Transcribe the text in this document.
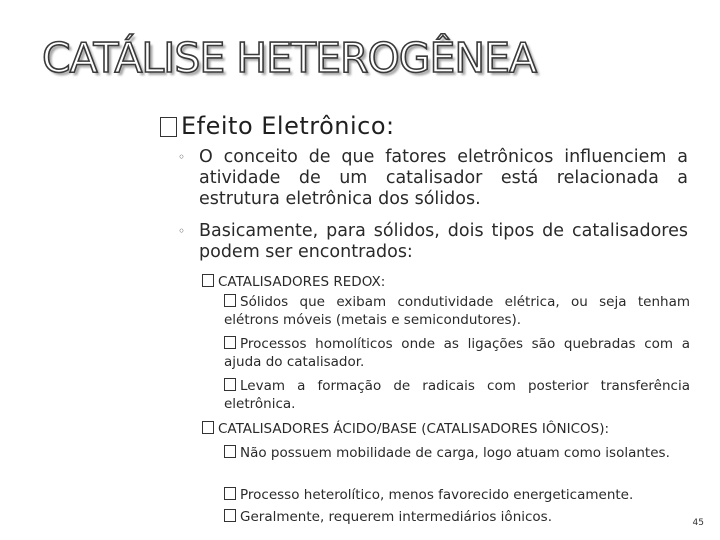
CATÁLISE HETEROGÊNEA
Efeito Eletrônico:
◦ O conceito de que fatores eletrônicos influenciem a atividade de um catalisador está relacionada a estrutura eletrônica dos sólidos.
◦ Basicamente, para sólidos, dois tipos de catalisadores podem ser encontrados:
CATALISADORES REDOX:
Sólidos que exibam condutividade elétrica, ou seja tenham elétrons móveis (metais e semicondutores).
Processos homolíticos onde as ligações são quebradas com a ajuda do catalisador.
Levam a formação de radicais com posterior transferência eletrônica.
CATALISADORES ÁCIDO/BASE (CATALISADORES IÔNICOS):
Não possuem mobilidade de carga, logo atuam como isolantes.
Processo heterolítico, menos favorecido energeticamente.
Geralmente, requerem intermediários iônicos.	45
